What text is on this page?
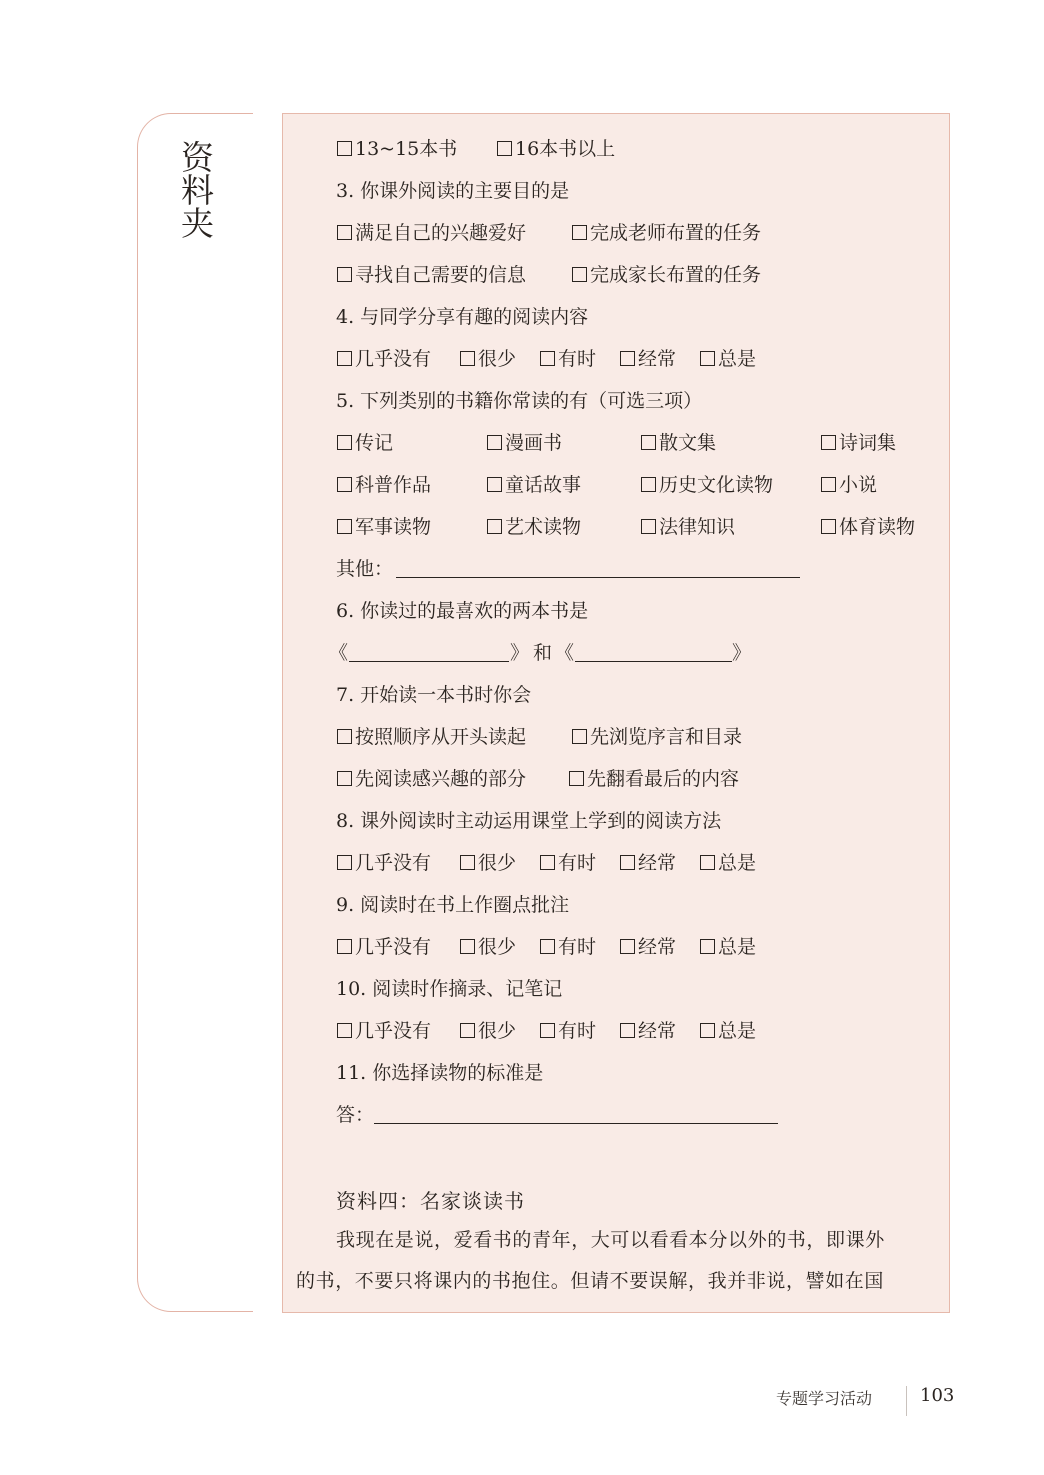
资料夹	13~15本书	16本书以上
3. 你课外阅读的主要目的是
满足自己的兴趣爱好	完成老师布置的任务
寻找自己需要的信息	完成家长布置的任务
4. 与同学分享有趣的阅读内容
几乎没有	很少	有时	经常	总是
5. 下列类别的书籍你常读的有（可选三项）
传记	漫画书	散文集	诗词集
科普作品	童话故事	历史文化读物	小说
军事读物	艺术读物	法律知识	体育读物
其他：
6. 你读过的最喜欢的两本书是
《	》 和 《	》
7. 开始读一本书时你会
按照顺序从开头读起	先浏览序言和目录
先阅读感兴趣的部分	先翻看最后的内容
8. 课外阅读时主动运用课堂上学到的阅读方法
几乎没有	很少	有时	经常	总是
9. 阅读时在书上作圈点批注
几乎没有	很少	有时	经常	总是
10. 阅读时作摘录、记笔记
几乎没有	很少	有时	经常	总是
11. 你选择读物的标准是
答：
资料四：名家谈读书
我现在是说，爱看书的青年，大可以看看本分以外的书，即课外
的书，不要只将课内的书抱住。但请不要误解，我并非说，譬如在国
专题学习活动	103
